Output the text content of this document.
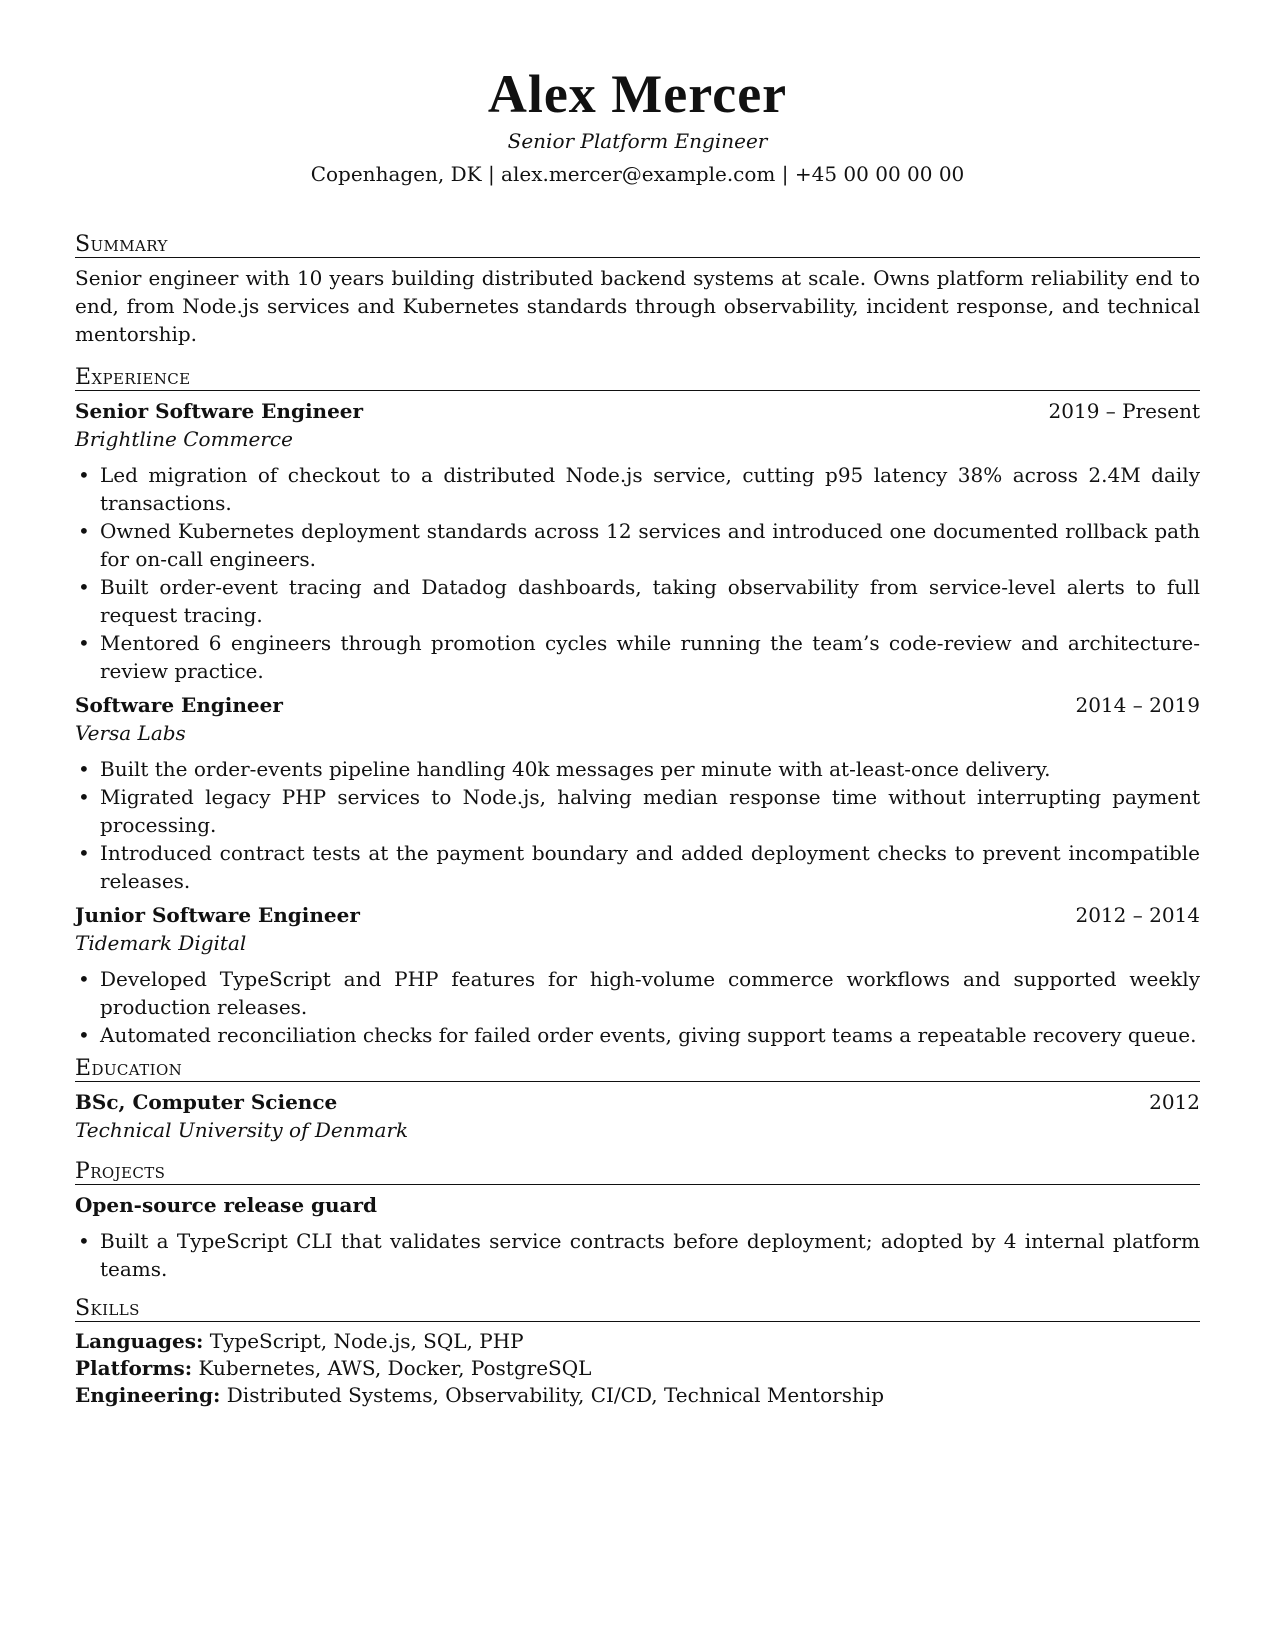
Alex Mercer
Senior Platform Engineer
Copenhagen, DK | alex.mercer@example.com | +45 00 00 00 00
Summary
Senior engineer with 10 years building distributed backend systems at scale. Owns platform reliability end to end, from Node.js services and Kubernetes standards through observability, incident response, and technical mentorship.
Experience
Senior Software Engineer	2019 – Present
Brightline Commerce
• Led migration of checkout to a distributed Node.js service, cutting p95 latency 38% across 2.4M daily transactions.
• Owned Kubernetes deployment standards across 12 services and introduced one documented rollback path for on-call engineers.
• Built order-event tracing and Datadog dashboards, taking observability from service-level alerts to full request tracing.
• Mentored 6 engineers through promotion cycles while running the team’s code-review and architecture-review practice.
Software Engineer	2014 – 2019
Versa Labs
• Built the order-events pipeline handling 40k messages per minute with at-least-once delivery.
• Migrated legacy PHP services to Node.js, halving median response time without interrupting payment processing.
• Introduced contract tests at the payment boundary and added deployment checks to prevent incompatible releases.
Junior Software Engineer	2012 – 2014
Tidemark Digital
• Developed TypeScript and PHP features for high-volume commerce workflows and supported weekly production releases.
• Automated reconciliation checks for failed order events, giving support teams a repeatable recovery queue.
Education
BSc, Computer Science	2012
Technical University of Denmark
Projects
Open-source release guard
• Built a TypeScript CLI that validates service contracts before deployment; adopted by 4 internal platform teams.
Skills
Languages: TypeScript, Node.js, SQL, PHP
Platforms: Kubernetes, AWS, Docker, PostgreSQL
Engineering: Distributed Systems, Observability, CI/CD, Technical Mentorship
